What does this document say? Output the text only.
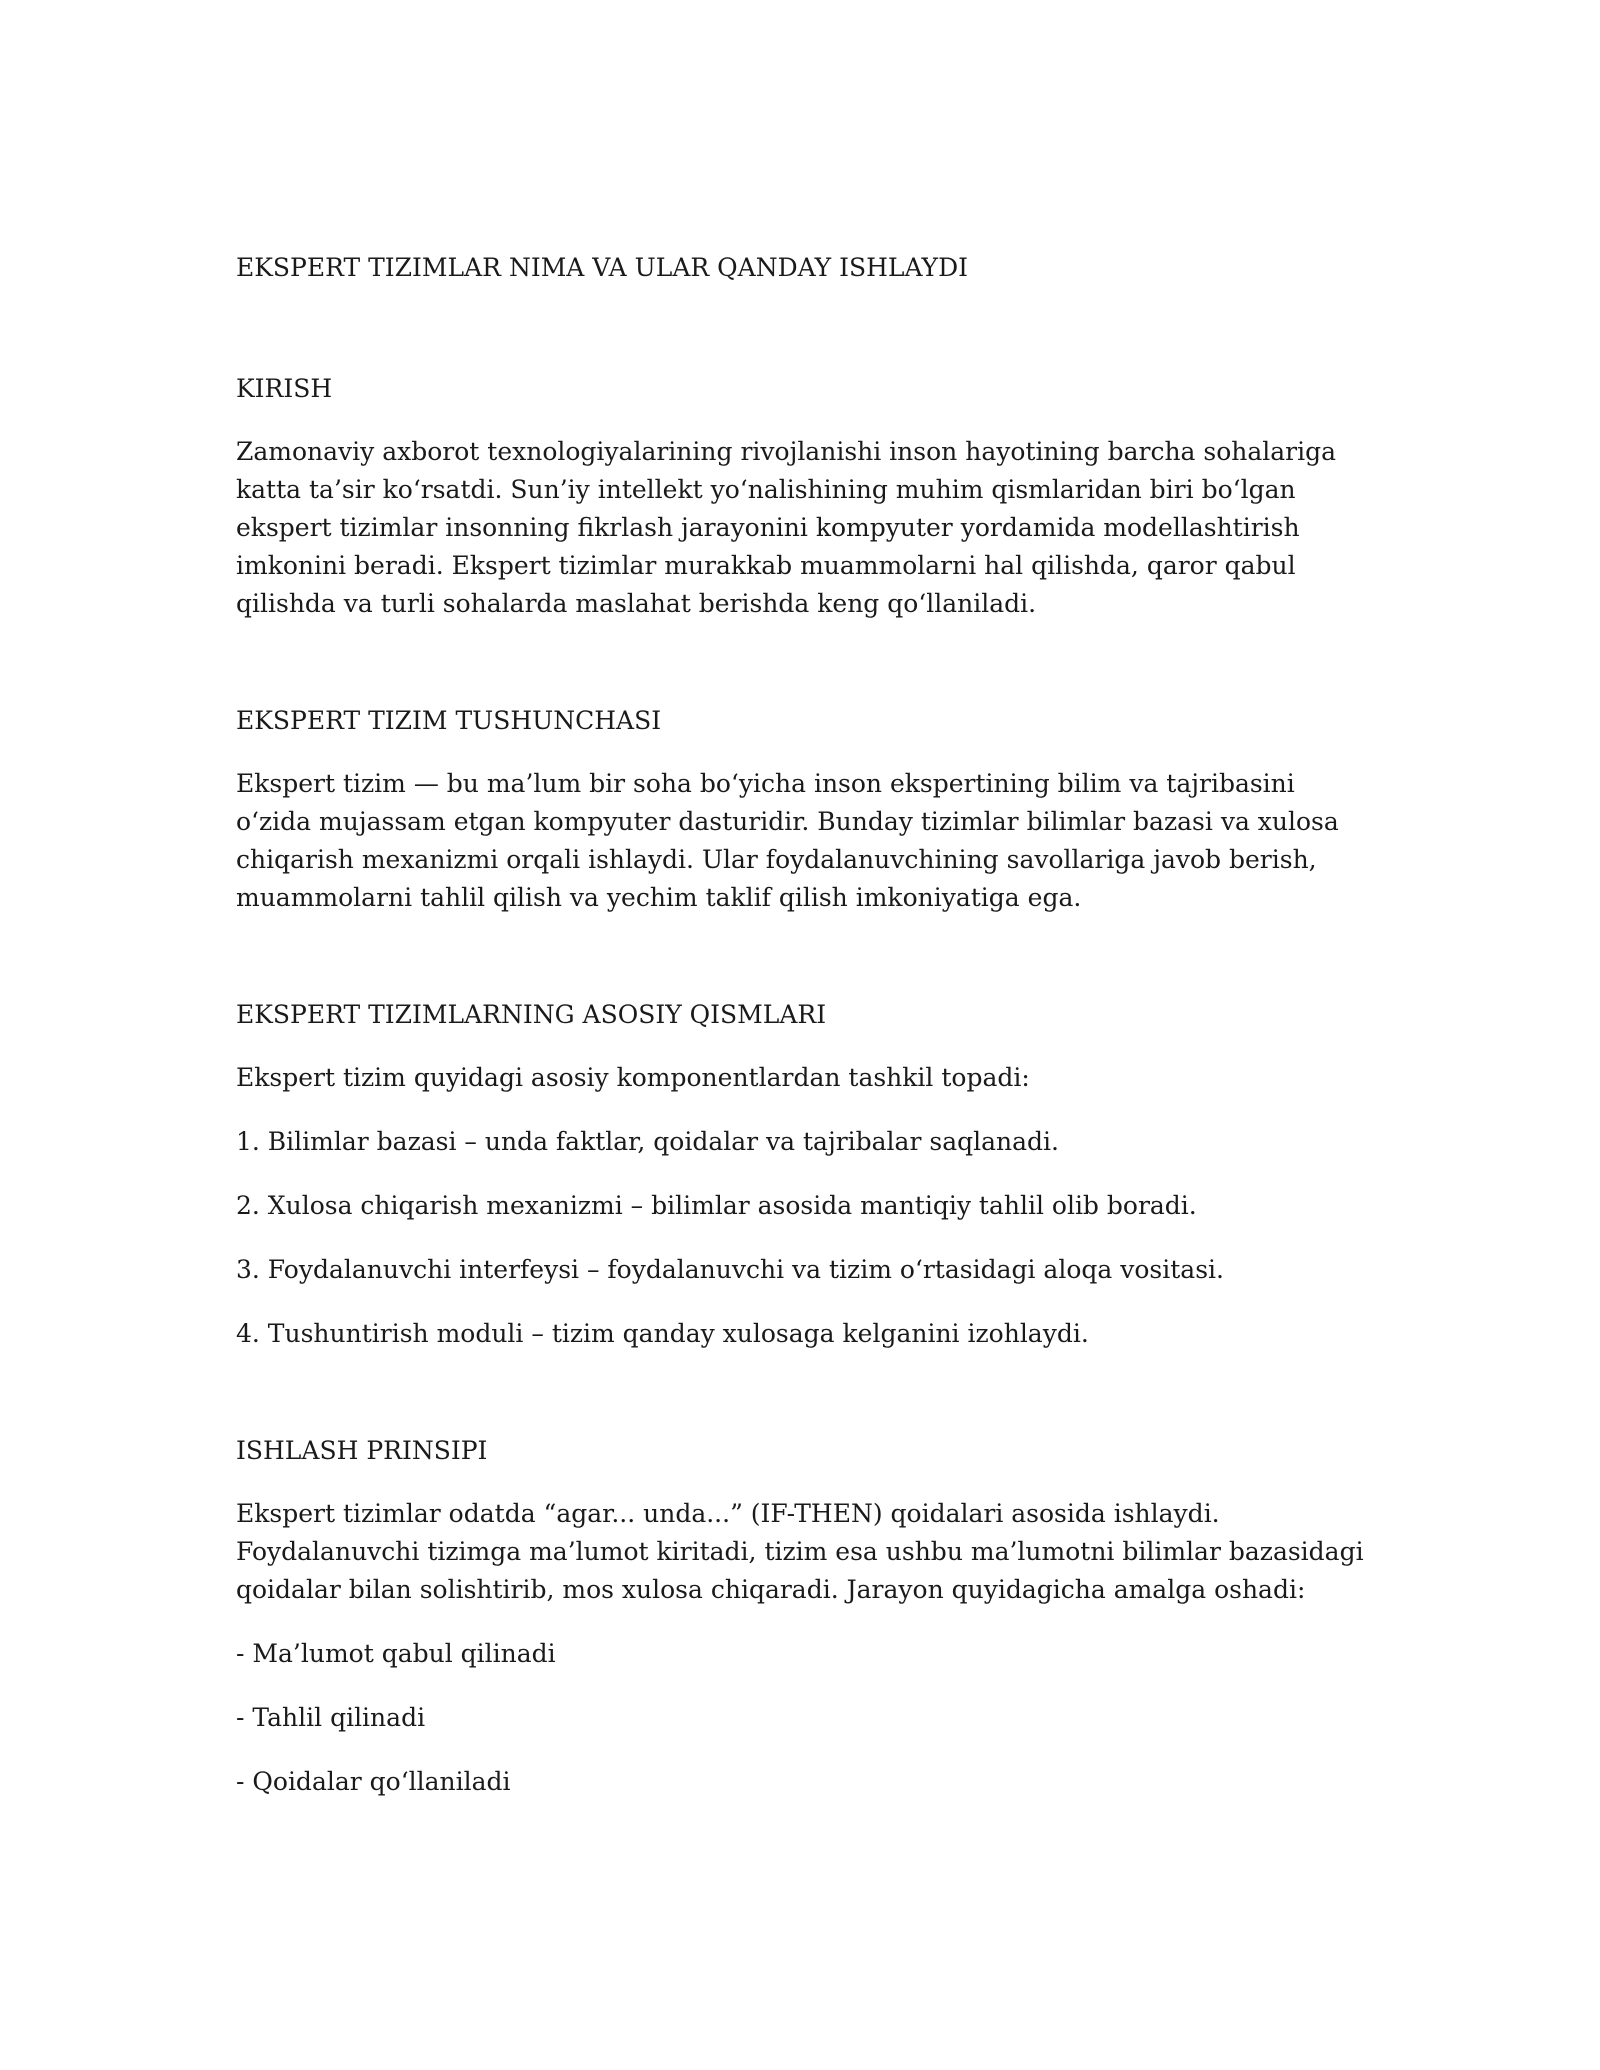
EKSPERT TIZIMLAR NIMA VA ULAR QANDAY ISHLAYDI
KIRISH

Zamonaviy axborot texnologiyalarining rivojlanishi inson hayotining barcha sohalariga katta ta’sir ko‘rsatdi. Sun’iy intellekt yo‘nalishining muhim qismlaridan biri bo‘lgan ekspert tizimlar insonning fikrlash jarayonini kompyuter yordamida modellashtirish imkonini beradi. Ekspert tizimlar murakkab muammolarni hal qilishda, qaror qabul qilishda va turli sohalarda maslahat berishda keng qo‘llaniladi.

EKSPERT TIZIM TUSHUNCHASI

Ekspert tizim — bu ma’lum bir soha bo‘yicha inson ekspertining bilim va tajribasini o‘zida mujassam etgan kompyuter dasturidir. Bunday tizimlar bilimlar bazasi va xulosa chiqarish mexanizmi orqali ishlaydi. Ular foydalanuvchining savollariga javob berish, muammolarni tahlil qilish va yechim taklif qilish imkoniyatiga ega.

EKSPERT TIZIMLARNING ASOSIY QISMLARI

Ekspert tizim quyidagi asosiy komponentlardan tashkil topadi:

1. Bilimlar bazasi – unda faktlar, qoidalar va tajribalar saqlanadi.

2. Xulosa chiqarish mexanizmi – bilimlar asosida mantiqiy tahlil olib boradi.

3. Foydalanuvchi interfeysi – foydalanuvchi va tizim o‘rtasidagi aloqa vositasi.

4. Tushuntirish moduli – tizim qanday xulosaga kelganini izohlaydi.

ISHLASH PRINSIPI

Ekspert tizimlar odatda “agar... unda...” (IF-THEN) qoidalari asosida ishlaydi. Foydalanuvchi tizimga ma’lumot kiritadi, tizim esa ushbu ma’lumotni bilimlar bazasidagi qoidalar bilan solishtirib, mos xulosa chiqaradi. Jarayon quyidagicha amalga oshadi:

- Ma’lumot qabul qilinadi

- Tahlil qilinadi

- Qoidalar qo‘llaniladi
